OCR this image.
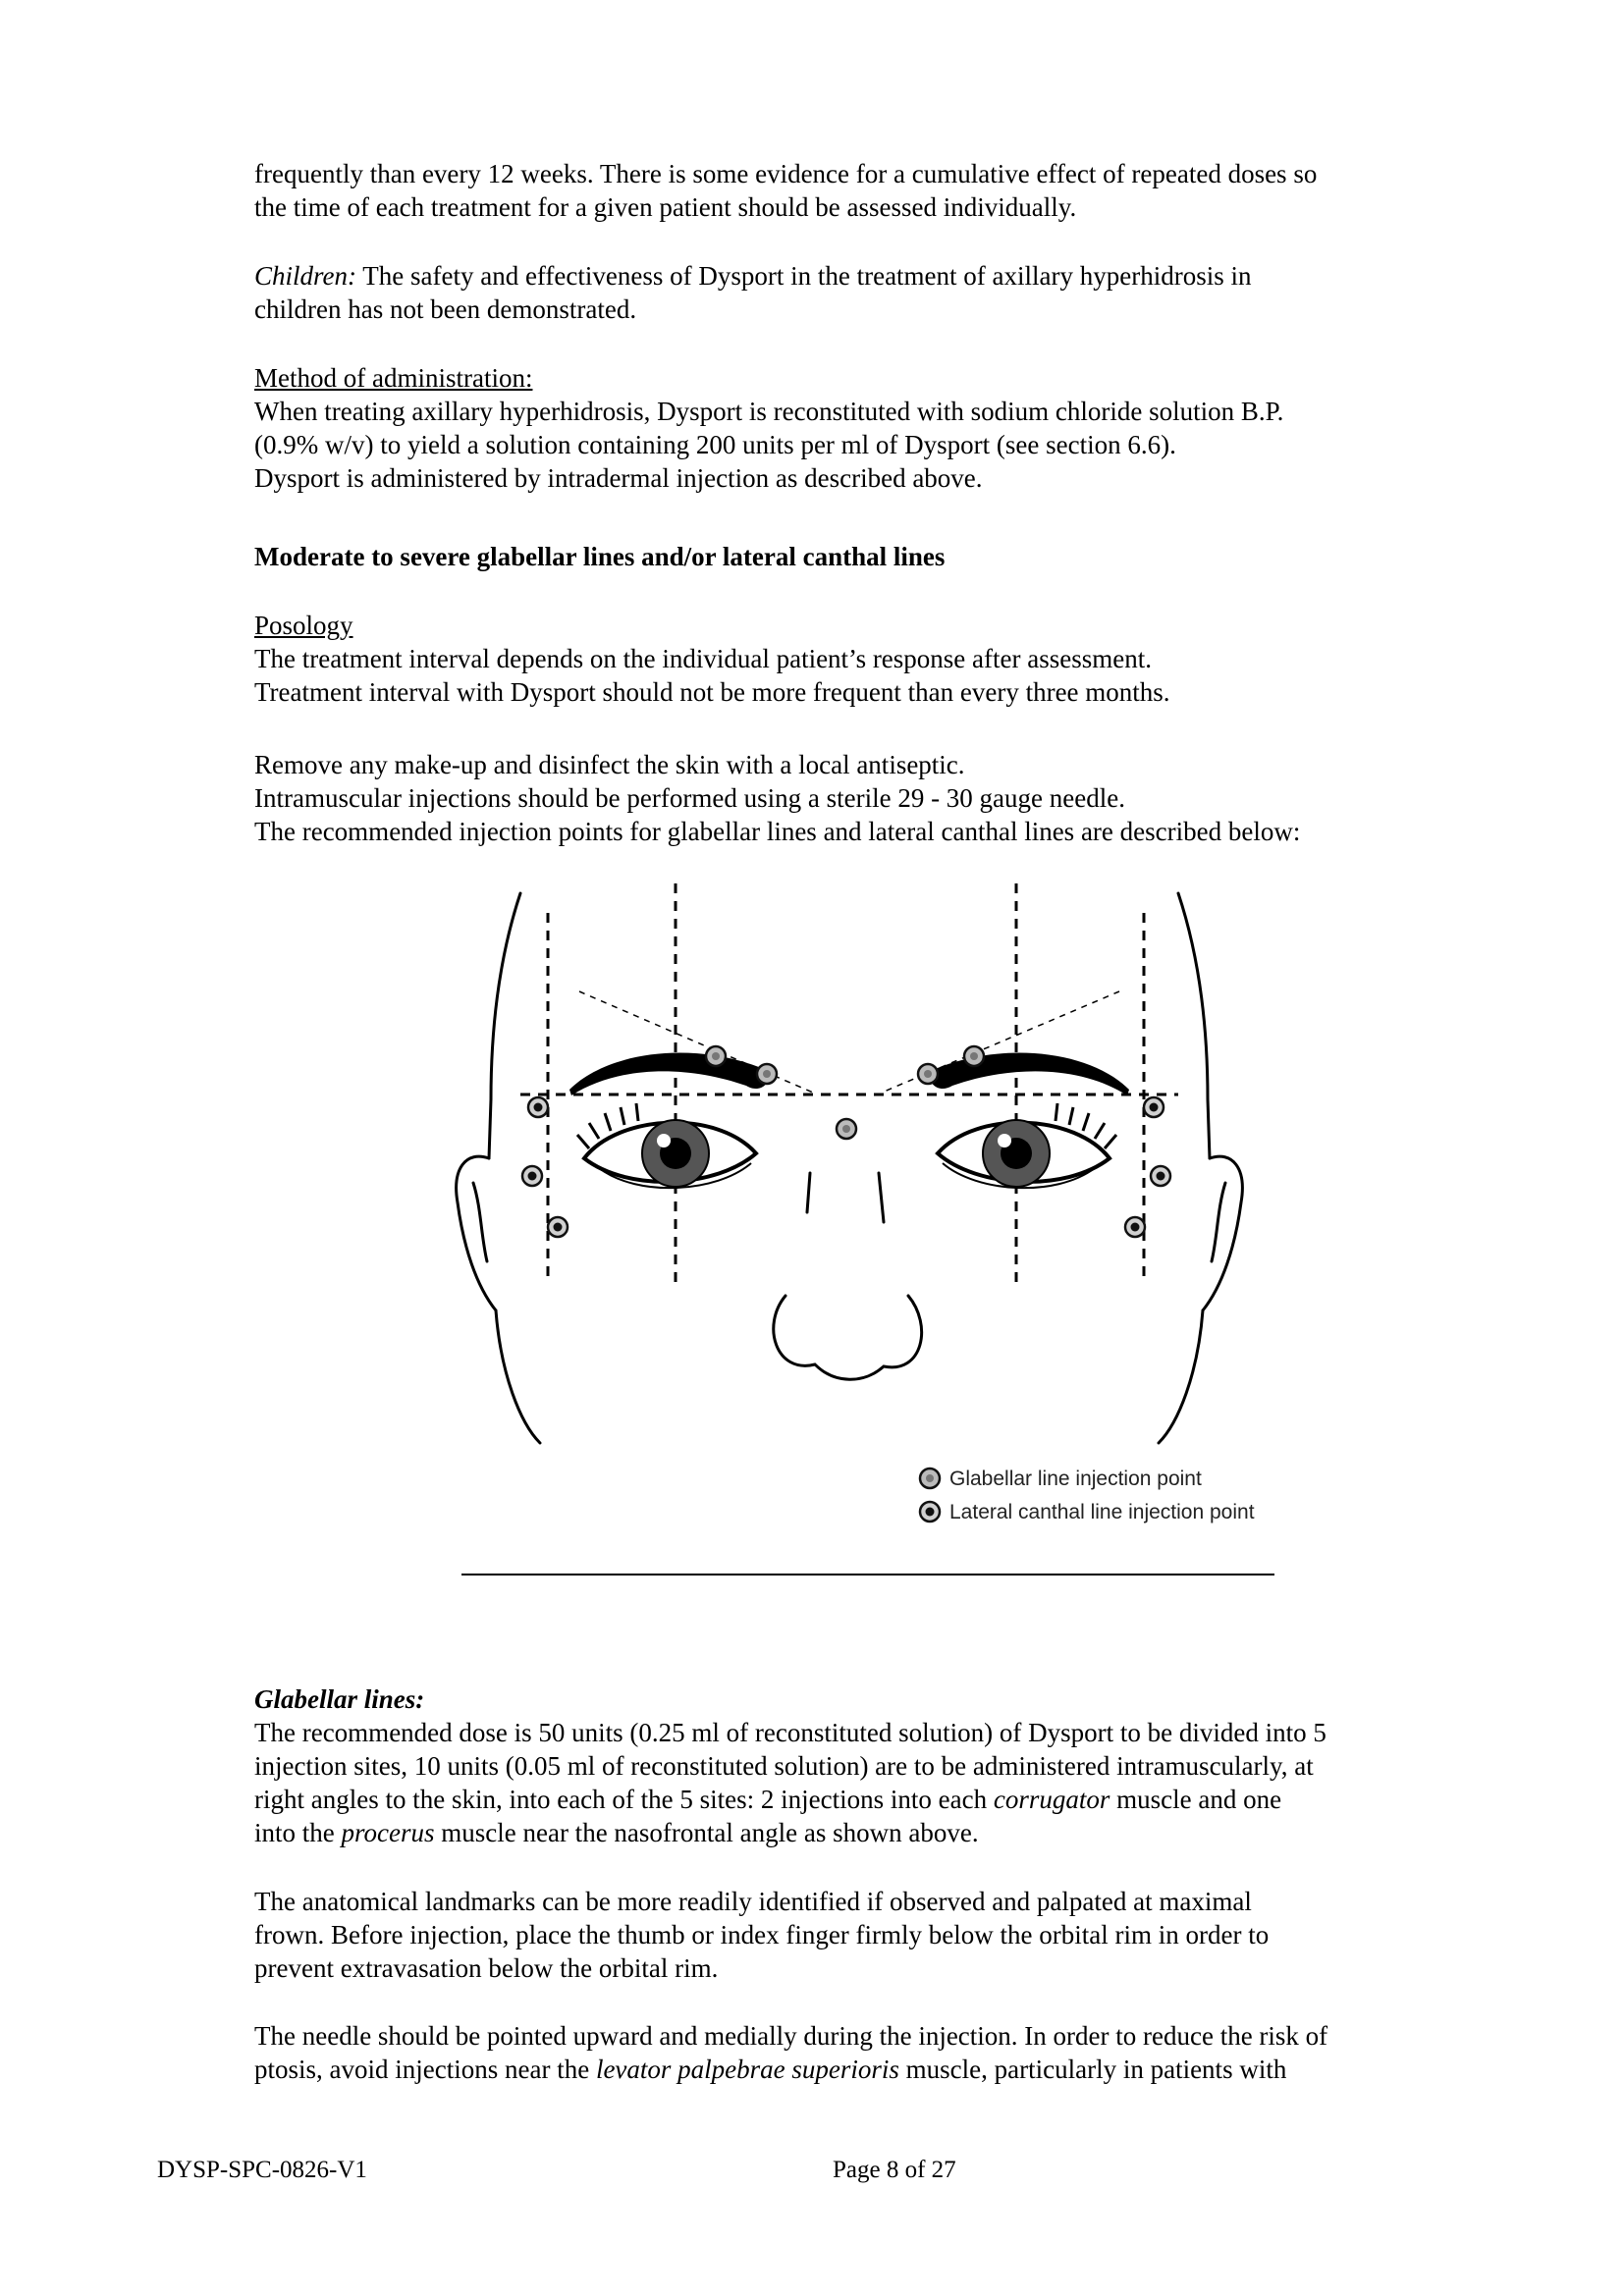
frequently than every 12 weeks. There is some evidence for a cumulative effect of repeated doses so

the time of each treatment for a given patient should be assessed individually.

Children: The safety and effectiveness of Dysport in the treatment of axillary hyperhidrosis in

children has not been demonstrated.

Method of administration:

When treating axillary hyperhidrosis, Dysport is reconstituted with sodium chloride solution B.P.

(0.9% w/v) to yield a solution containing 200 units per ml of Dysport (see section 6.6).

Dysport is administered by intradermal injection as described above.

Moderate to severe glabellar lines and/or lateral canthal lines

Posology

The treatment interval depends on the individual patient’s response after assessment.

Treatment interval with Dysport should not be more frequent than every three months.

Remove any make-up and disinfect the skin with a local antiseptic.

Intramuscular injections should be performed using a sterile 29 - 30 gauge needle.

The recommended injection points for glabellar lines and lateral canthal lines are described below:

Glabellar line injection point
Lateral canthal line injection point

Glabellar lines:

The recommended dose is 50 units (0.25 ml of reconstituted solution) of Dysport to be divided into 5

injection sites, 10 units (0.05 ml of reconstituted solution) are to be administered intramuscularly, at

right angles to the skin, into each of the 5 sites: 2 injections into each corrugator muscle and one

into the procerus muscle near the nasofrontal angle as shown above.

The anatomical landmarks can be more readily identified if observed and palpated at maximal

frown. Before injection, place the thumb or index finger firmly below the orbital rim in order to

prevent extravasation below the orbital rim.

The needle should be pointed upward and medially during the injection. In order to reduce the risk of

ptosis, avoid injections near the levator palpebrae superioris muscle, particularly in patients with

DYSP-SPC-0826-V1	Page 8 of 27
